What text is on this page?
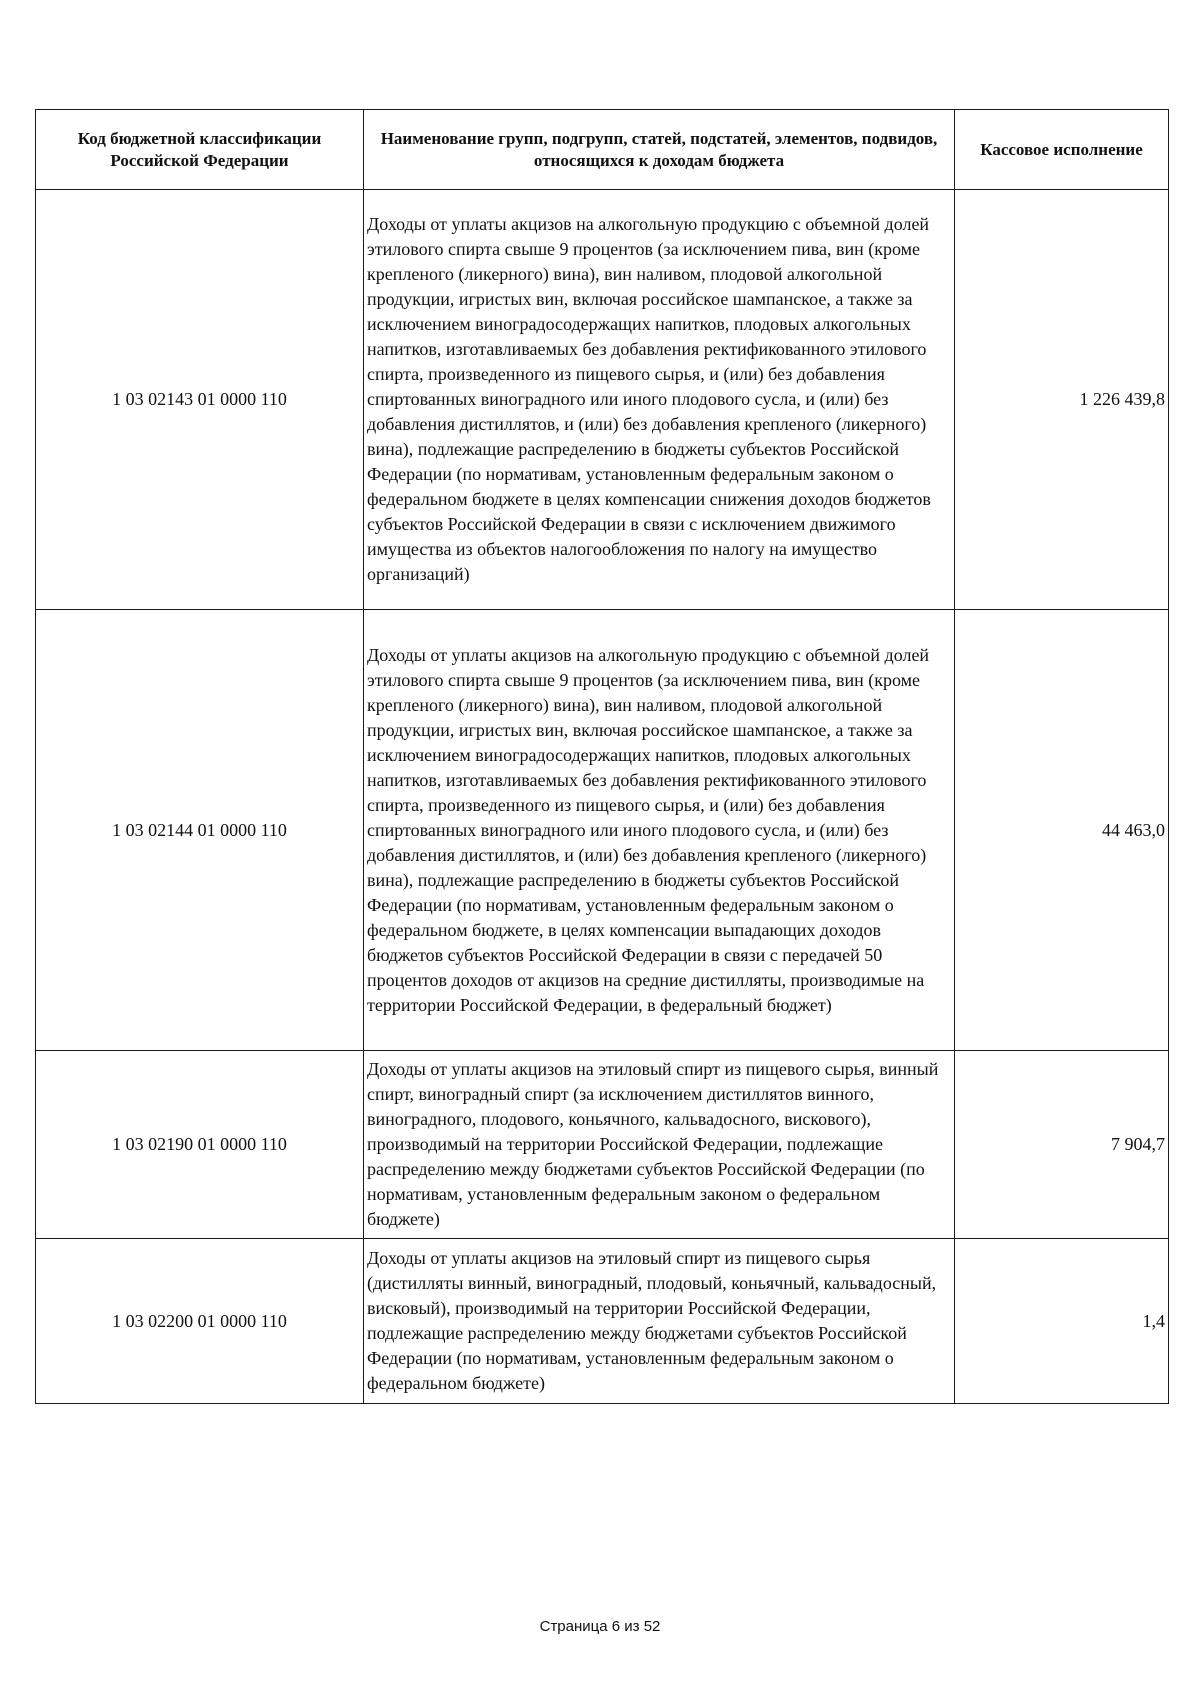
Код бюджетной классификации Российской Федерации	Наименование групп, подгрупп, статей, подстатей, элементов, подвидов, относящихся к доходам бюджета	Кассовое исполнение
1 03 02143 01 0000 110	Доходы от уплаты акцизов на алкогольную продукцию с объемной долей этилового спирта свыше 9 процентов (за исключением пива, вин (кроме крепленого (ликерного) вина), вин наливом, плодовой алкогольной продукции, игристых вин, включая российское шампанское, а также за исключением виноградосодержащих напитков, плодовых алкогольных напитков, изготавливаемых без добавления ректификованного этилового спирта, произведенного из пищевого сырья, и (или) без добавления спиртованных виноградного или иного плодового сусла, и (или) без добавления дистиллятов, и (или) без добавления крепленого (ликерного) вина), подлежащие распределению в бюджеты субъектов Российской Федерации (по нормативам, установленным федеральным законом о федеральном бюджете в целях компенсации снижения доходов бюджетов субъектов Российской Федерации в связи с исключением движимого имущества из объектов налогообложения по налогу на имущество организаций)	1 226 439,8
1 03 02144 01 0000 110	Доходы от уплаты акцизов на алкогольную продукцию с объемной долей этилового спирта свыше 9 процентов (за исключением пива, вин (кроме крепленого (ликерного) вина), вин наливом, плодовой алкогольной продукции, игристых вин, включая российское шампанское, а также за исключением виноградосодержащих напитков, плодовых алкогольных напитков, изготавливаемых без добавления ректификованного этилового спирта, произведенного из пищевого сырья, и (или) без добавления спиртованных виноградного или иного плодового сусла, и (или) без добавления дистиллятов, и (или) без добавления крепленого (ликерного) вина), подлежащие распределению в бюджеты субъектов Российской Федерации (по нормативам, установленным федеральным законом о федеральном бюджете, в целях компенсации выпадающих доходов бюджетов субъектов Российской Федерации в связи с передачей 50 процентов доходов от акцизов на средние дистилляты, производимые на территории Российской Федерации, в федеральный бюджет)	44 463,0
1 03 02190 01 0000 110	Доходы от уплаты акцизов на этиловый спирт из пищевого сырья, винный спирт, виноградный спирт (за исключением дистиллятов винного, виноградного, плодового, коньячного, кальвадосного, вискового), производимый на территории Российской Федерации, подлежащие распределению между бюджетами субъектов Российской Федерации (по нормативам, установленным федеральным законом о федеральном бюджете)	7 904,7
1 03 02200 01 0000 110	Доходы от уплаты акцизов на этиловый спирт из пищевого сырья (дистилляты винный, виноградный, плодовый, коньячный, кальвадосный, висковый), производимый на территории Российской Федерации, подлежащие распределению между бюджетами субъектов Российской Федерации (по нормативам, установленным федеральным законом о федеральном бюджете)	1,4
Страница 6 из 52
